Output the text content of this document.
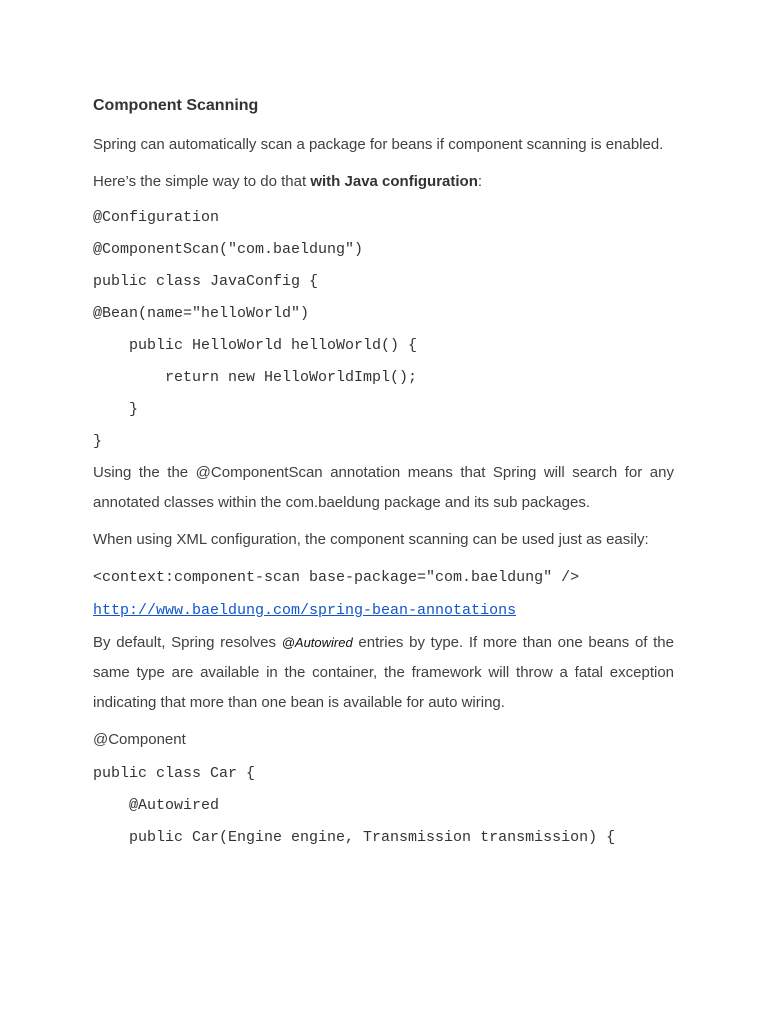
Component Scanning

Spring can automatically scan a package for beans if component scanning is enabled.

Here’s the simple way to do that with Java configuration:

@Configuration
@ComponentScan("com.baeldung")
public class JavaConfig {
@Bean(name="helloWorld")
public HelloWorld helloWorld() {
return new HelloWorldImpl();
}
}

Using the the @ComponentScan annotation means that Spring will search for any annotated classes within the com.baeldung package and its sub packages.

When using XML configuration, the component scanning can be used just as easily:

<context:component-scan base-package="com.baeldung" />
http://www.baeldung.com/spring-bean-annotations

By default, Spring resolves @Autowired entries by type. If more than one beans of the same type are available in the container, the framework will throw a fatal exception indicating that more than one bean is available for auto wiring.

@Component

public class Car {
@Autowired
public Car(Engine engine, Transmission transmission) {
